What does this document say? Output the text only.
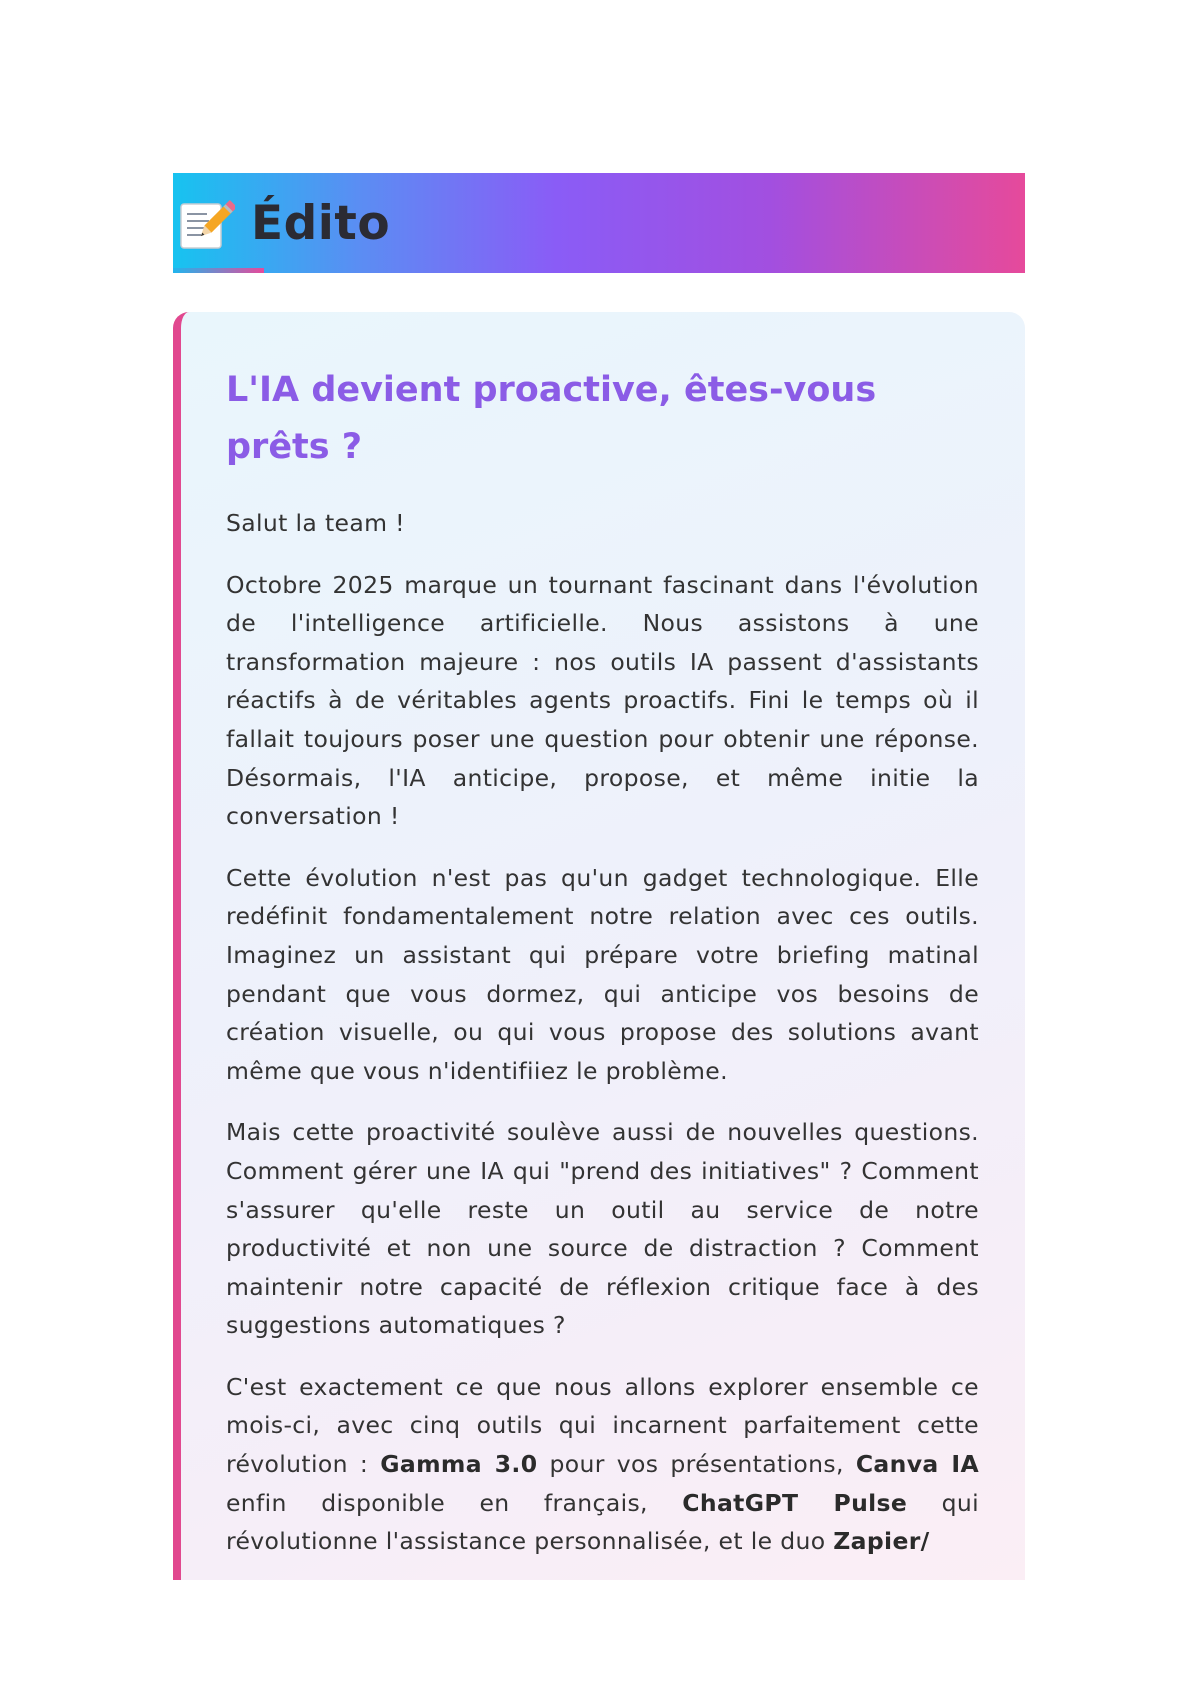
Édito
L'IA devient proactive, êtes-vous prêts ?

Salut la team !

Octobre 2025 marque un tournant fascinant dans l'évolution de l'intelligence artificielle. Nous assistons à une transformation majeure : nos outils IA passent d'assistants réactifs à de véritables agents proactifs. Fini le temps où il fallait toujours poser une question pour obtenir une réponse. Désormais, l'IA anticipe, propose, et même initie la conversation !

Cette évolution n'est pas qu'un gadget technologique. Elle redéfinit fondamentalement notre relation avec ces outils. Imaginez un assistant qui prépare votre briefing matinal pendant que vous dormez, qui anticipe vos besoins de création visuelle, ou qui vous propose des solutions avant même que vous n'identifiiez le problème.

Mais cette proactivité soulève aussi de nouvelles questions. Comment gérer une IA qui "prend des initiatives" ? Comment s'assurer qu'elle reste un outil au service de notre productivité et non une source de distraction ? Comment maintenir notre capacité de réflexion critique face à des suggestions automatiques ?

C'est exactement ce que nous allons explorer ensemble ce mois-ci, avec cinq outils qui incarnent parfaitement cette révolution : Gamma 3.0 pour vos présentations, Canva IA enfin disponible en français, ChatGPT Pulse qui révolutionne l'assistance personnalisée, et le duo Zapier/
